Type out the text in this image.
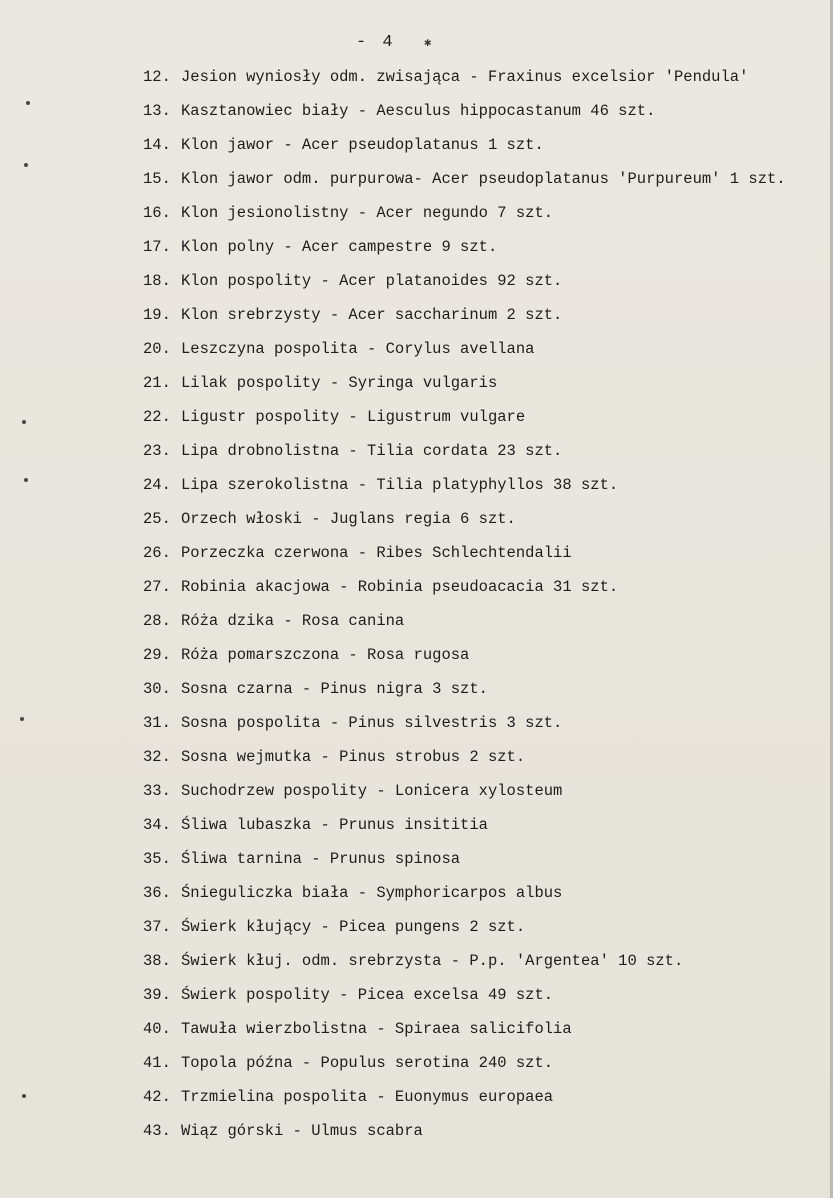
- 4 ✱
12. Jesion wyniosły odm. zwisająca - Fraxinus excelsior 'Pendula'
13. Kasztanowiec biały - Aesculus hippocastanum 46 szt.
14. Klon jawor - Acer pseudoplatanus 1 szt.
15. Klon jawor odm. purpurowa- Acer pseudoplatanus 'Purpureum' 1 szt.
16. Klon jesionolistny - Acer negundo 7 szt.
17. Klon polny - Acer campestre 9 szt.
18. Klon pospolity - Acer platanoides 92 szt.
19. Klon srebrzysty - Acer saccharinum 2 szt.
20. Leszczyna pospolita - Corylus avellana
21. Lilak pospolity - Syringa vulgaris
22. Ligustr pospolity - Ligustrum vulgare
23. Lipa drobnolistna - Tilia cordata 23 szt.
24. Lipa szerokolistna - Tilia platyphyllos 38 szt.
25. Orzech włoski - Juglans regia 6 szt.
26. Porzeczka czerwona - Ribes Schlechtendalii
27. Robinia akacjowa - Robinia pseudoacacia 31 szt.
28. Róża dzika - Rosa canina
29. Róża pomarszczona - Rosa rugosa
30. Sosna czarna - Pinus nigra 3 szt.
31. Sosna pospolita - Pinus silvestris 3 szt.
32. Sosna wejmutka - Pinus strobus 2 szt.
33. Suchodrzew pospolity - Lonicera xylosteum
34. Śliwa lubaszka - Prunus insititia
35. Śliwa tarnina - Prunus spinosa
36. Śnieguliczka biała - Symphoricarpos albus
37. Świerk kłujący - Picea pungens 2 szt.
38. Świerk kłuj. odm. srebrzysta - P.p. 'Argentea' 10 szt.
39. Świerk pospolity - Picea excelsa 49 szt.
40. Tawuła wierzbolistna - Spiraea salicifolia
41. Topola późna - Populus serotina 240 szt.
42. Trzmielina pospolita - Euonymus europaea
43. Wiąz górski - Ulmus scabra
